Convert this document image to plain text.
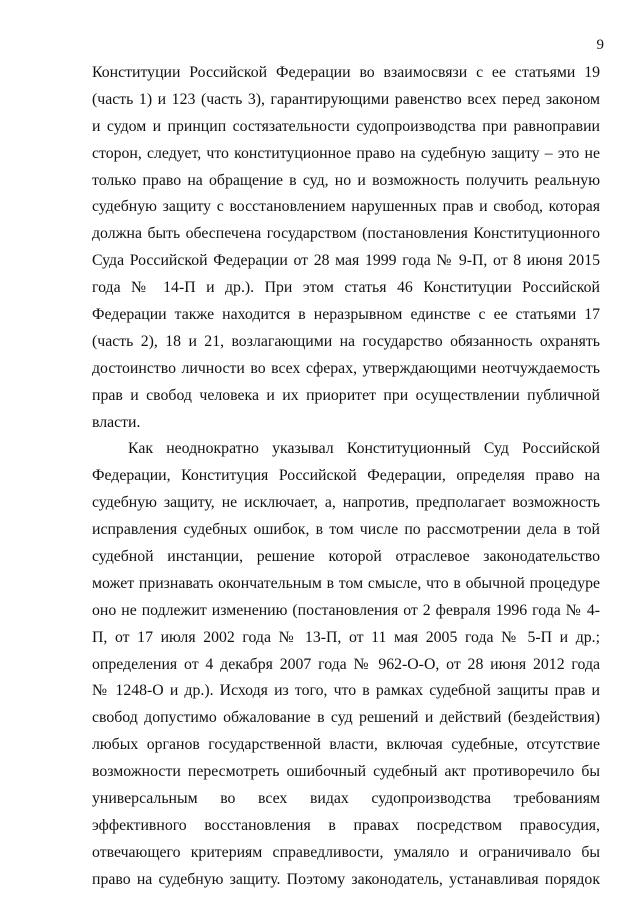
9
Конституции Российской Федерации во взаимосвязи с ее статьями 19
(часть 1) и 123 (часть 3), гарантирующими равенство всех перед законом
и судом и принцип состязательности судопроизводства при равноправии
сторон, следует, что конституционное право на судебную защиту – это не
только право на обращение в суд, но и возможность получить реальную
судебную защиту с восстановлением нарушенных прав и свобод, которая
должна быть обеспечена государством (постановления Конституционного
Суда Российской Федерации от 28 мая 1999 года № 9-П, от 8 июня 2015
года № 14-П и др.). При этом статья 46 Конституции Российской
Федерации также находится в неразрывном единстве с ее статьями 17
(часть 2), 18 и 21, возлагающими на государство обязанность охранять
достоинство личности во всех сферах, утверждающими неотчуждаемость
прав и свобод человека и их приоритет при осуществлении публичной
власти.
Как неоднократно указывал Конституционный Суд Российской
Федерации, Конституция Российской Федерации, определяя право на
судебную защиту, не исключает, а, напротив, предполагает возможность
исправления судебных ошибок, в том числе по рассмотрении дела в той
судебной инстанции, решение которой отраслевое законодательство
может признавать окончательным в том смысле, что в обычной процедуре
оно не подлежит изменению (постановления от 2 февраля 1996 года № 4-
П, от 17 июля 2002 года № 13-П, от 11 мая 2005 года № 5-П и др.;
определения от 4 декабря 2007 года № 962-О-О, от 28 июня 2012 года
№ 1248-О и др.). Исходя из того, что в рамках судебной защиты прав и
свобод допустимо обжалование в суд решений и действий (бездействия)
любых органов государственной власти, включая судебные, отсутствие
возможности пересмотреть ошибочный судебный акт противоречило бы
универсальным во всех видах судопроизводства требованиям
эффективного восстановления в правах посредством правосудия,
отвечающего критериям справедливости, умаляло и ограничивало бы
право на судебную защиту. Поэтому законодатель, устанавливая порядок
